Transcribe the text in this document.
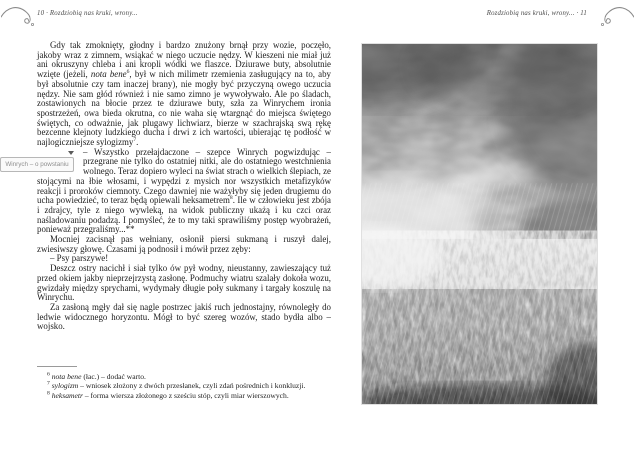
10 · Rozdziobią nas kruki, wrony...	Rozdziobią nas kruki, wrony... · 11

Gdy tak zmoknięty, głodny i bardzo znużony brnął przy wozie, poczęło, jakoby wraz z zimnem, wsiąkać w niego uczucie nędzy. W kieszeni nie miał już ani okruszyny chleba i ani kropli wódki we flaszce. Dziurawe buty, absolutnie wzięte (jeżeli, nota bene$^6$, był w nich milimetr rzemienia zasługujący na to, aby był absolutnie czy tam inaczej brany), nie mogły być przyczyną owego uczucia nędzy. Nie sam głód również i nie samo zimno je wywoływało. Ale po śladach, zostawionych na błocie przez te dziurawe buty, szła za Winrychem ironia spostrzeżeń, owa bieda okrutna, co nie waha się wtargnąć do miejsca świętego świętych, co odważnie, jak plugawy lichwiarz, bierze w szachrajską swą rękę bezcenne klejnoty ludzkiego ducha i drwi z ich wartości, ubierając tę podłość w najlogiczniejsze sylogizmy$^7$.

– Wszystko przełajdaczone – szepce Winrych pogwizdując – przegrane nie tylko do ostatniej nitki, ale do ostatniego westchnienia wolnego. Teraz dopiero wyleci na świat strach o wielkich ślepiach, ze stojącymi na łbie włosami, i wypędzi z mysich nor wszystkich metafizyków reakcji i proroków ciemnoty. Czego dawniej nie ważyłyby się jeden drugiemu do ucha powiedzieć, to teraz będą opiewali heksametrem$^8$. Ile w człowieku jest zbója i zdrajcy, tyle z niego wywleką, na widok publiczny ukażą i ku czci oraz naśladowaniu podadzą. I pomyśleć, że to my taki sprawiliśmy postęp wyobrażeń, ponieważ przegraliśmy...**

Mocniej zacisnął pas wełniany, osłonił piersi sukmaną i ruszył dalej, zwiesiwszy głowę. Czasami ją podnosił i mówił przez zęby:

– Psy parszywe!

Deszcz ostry nacichł i siał tylko ów pył wodny, nieustanny, zawieszający tuż przed okiem jakby nieprzejrzystą zasłonę. Podmuchy wiatru szalały dokoła wozu, gwizdały między sprychami, wydymały długie poły sukmany i targały koszulę na Winrychu.

Za zasłoną mgły dał się nagle postrzec jakiś ruch jednostajny, równoległy do ledwie widocznego horyzontu. Mógł to być szereg wozów, stado bydła albo – wojsko.

Winrych – o powstaniu

$^6$ nota bene (łac.) – dodać warto.

$^7$ sylogizm – wniosek złożony z dwóch przesłanek, czyli zdań pośrednich i konkluzji.

$^8$ heksametr – forma wiersza złożonego z sześciu stóp, czyli miar wierszowych.
